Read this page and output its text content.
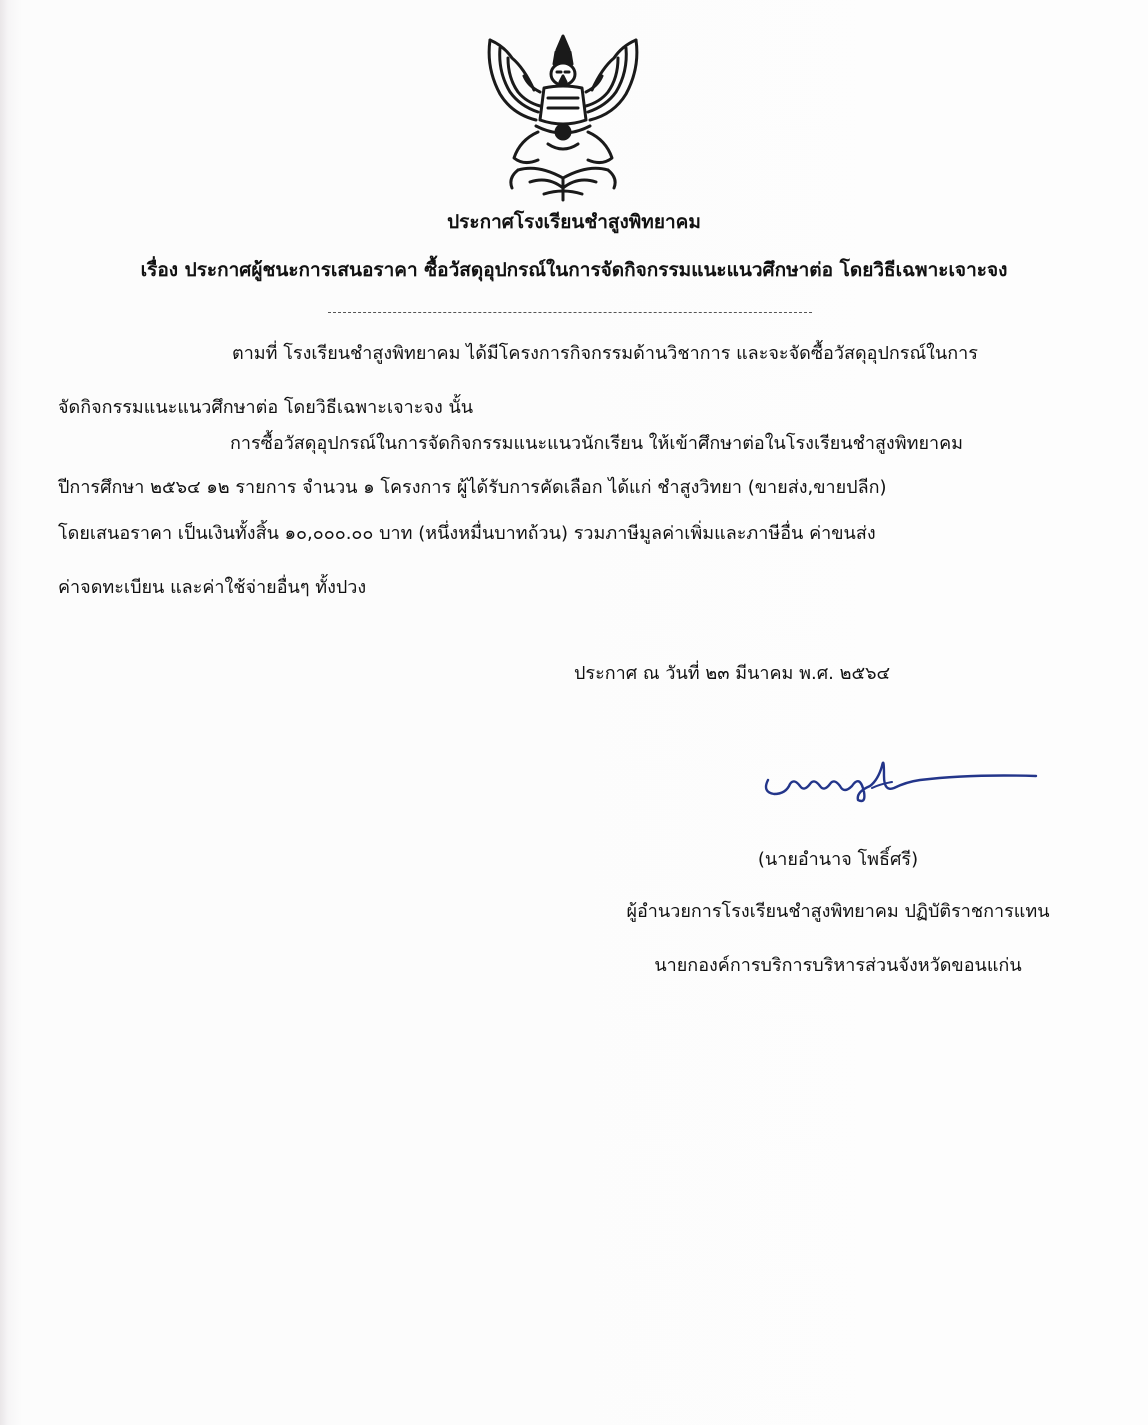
ประกาศโรงเรียนชำสูงพิทยาคม
เรื่อง ประกาศผู้ชนะการเสนอราคา ซื้อวัสดุอุปกรณ์ในการจัดกิจกรรมแนะแนวศึกษาต่อ โดยวิธีเฉพาะเจาะจง
ตามที่ โรงเรียนชำสูงพิทยาคม ได้มีโครงการกิจกรรมด้านวิชาการ และจะจัดซื้อวัสดุอุปกรณ์ในการ
จัดกิจกรรมแนะแนวศึกษาต่อ โดยวิธีเฉพาะเจาะจง นั้น
การซื้อวัสดุอุปกรณ์ในการจัดกิจกรรมแนะแนวนักเรียน ให้เข้าศึกษาต่อในโรงเรียนชำสูงพิทยาคม
ปีการศึกษา ๒๕๖๔ ๑๒ รายการ จำนวน ๑ โครงการ ผู้ได้รับการคัดเลือก ได้แก่ ชำสูงวิทยา (ขายส่ง,ขายปลีก)
โดยเสนอราคา เป็นเงินทั้งสิ้น ๑๐,๐๐๐.๐๐ บาท (หนึ่งหมื่นบาทถ้วน) รวมภาษีมูลค่าเพิ่มและภาษีอื่น ค่าขนส่ง
ค่าจดทะเบียน และค่าใช้จ่ายอื่นๆ ทั้งปวง
ประกาศ ณ วันที่ ๒๓ มีนาคม พ.ศ. ๒๕๖๔
(นายอำนาจ โพธิ์ศรี)
ผู้อำนวยการโรงเรียนชำสูงพิทยาคม ปฏิบัติราชการแทน
นายกองค์การบริการบริหารส่วนจังหวัดขอนแก่น
